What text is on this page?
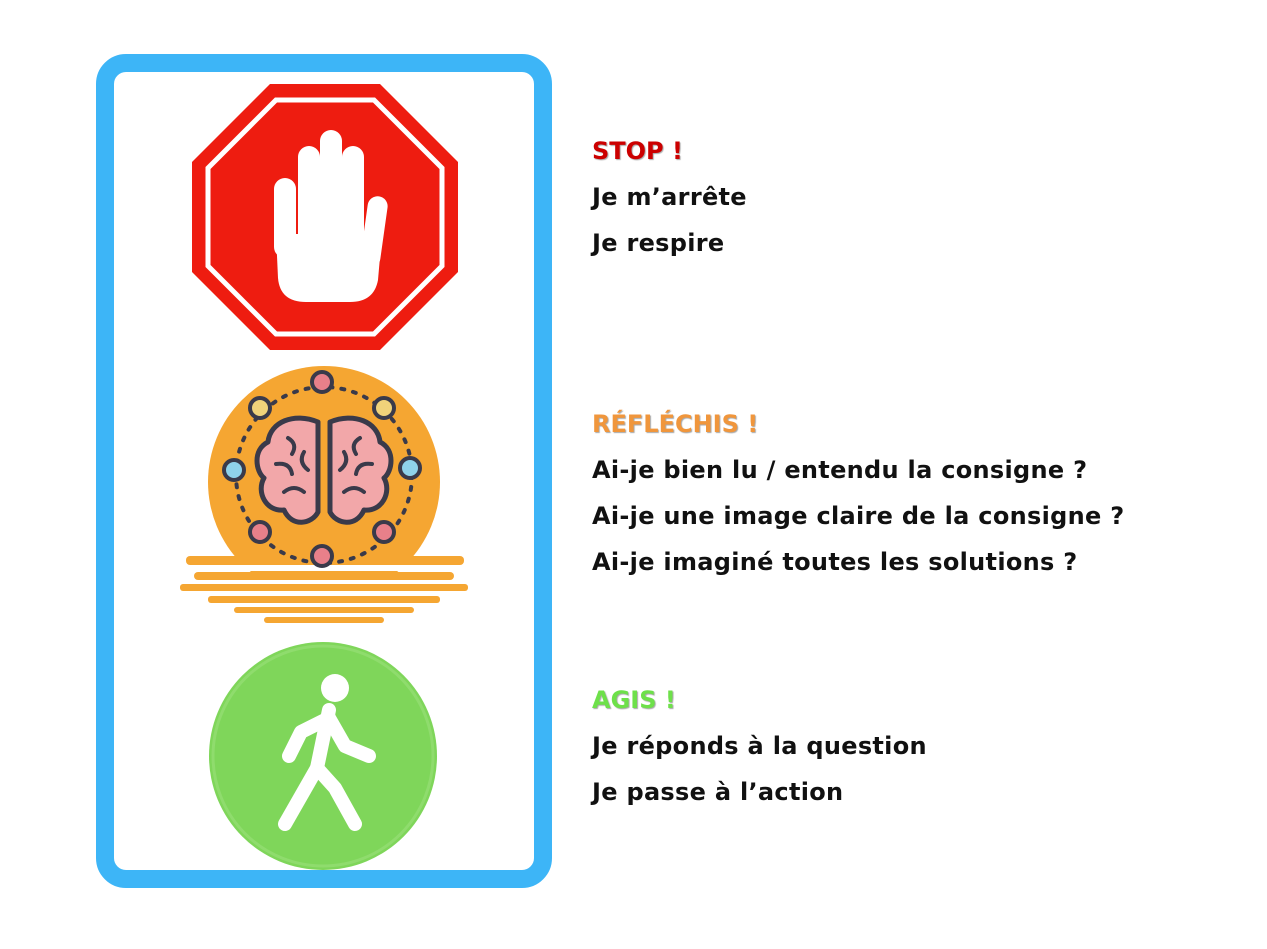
STOP !
Je m’arrête
Je respire
RÉFLÉCHIS !
Ai-je bien lu / entendu la consigne ?
Ai-je une image claire de la consigne ?
Ai-je imaginé toutes les solutions ?
AGIS !
Je réponds à la question
Je passe à l’action
